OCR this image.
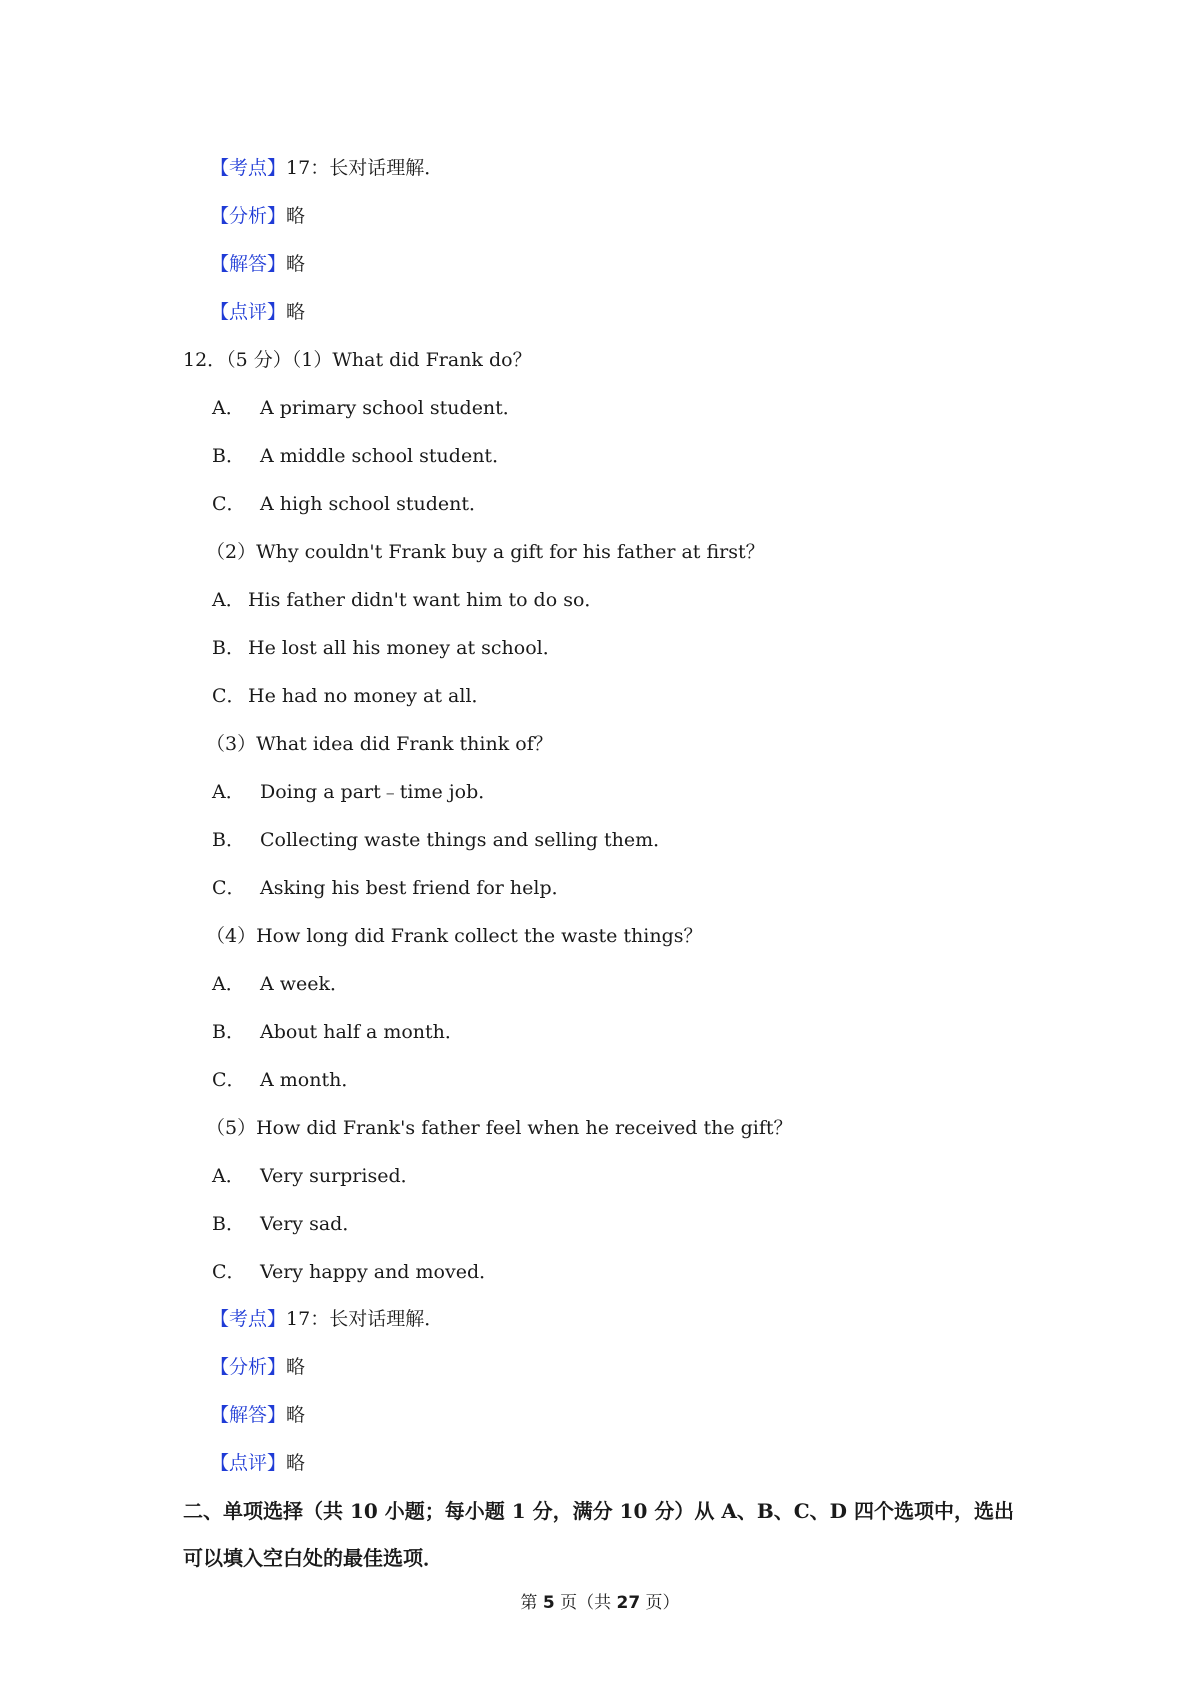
【考点】17：长对话理解．
【分析】略
【解答】略
【点评】略
12．（5 分）（1）What did Frank do？
A． A primary school student．
B． A middle school student．
C． A high school student．
（2）Why couldn't Frank buy a gift for his father at first？
A． His father didn't want him to do so．
B． He lost all his money at school．
C． He had no money at all．
（3）What idea did Frank think of？
A． Doing a part﹣time job．
B． Collecting waste things and selling them．
C． Asking his best friend for help．
（4）How long did Frank collect the waste things？
A． A week．
B． About half a month．
C． A month．
（5）How did Frank's father feel when he received the gift？
A． Very surprised．
B． Very sad．
C． Very happy and moved．
【考点】17：长对话理解．
【分析】略
【解答】略
【点评】略
二、单项选择（共 10 小题；每小题 1 分，满分 10 分）从 A、B、C、D 四个选项中，选出
可以填入空白处的最佳选项．
第 5 页（共 27 页）
